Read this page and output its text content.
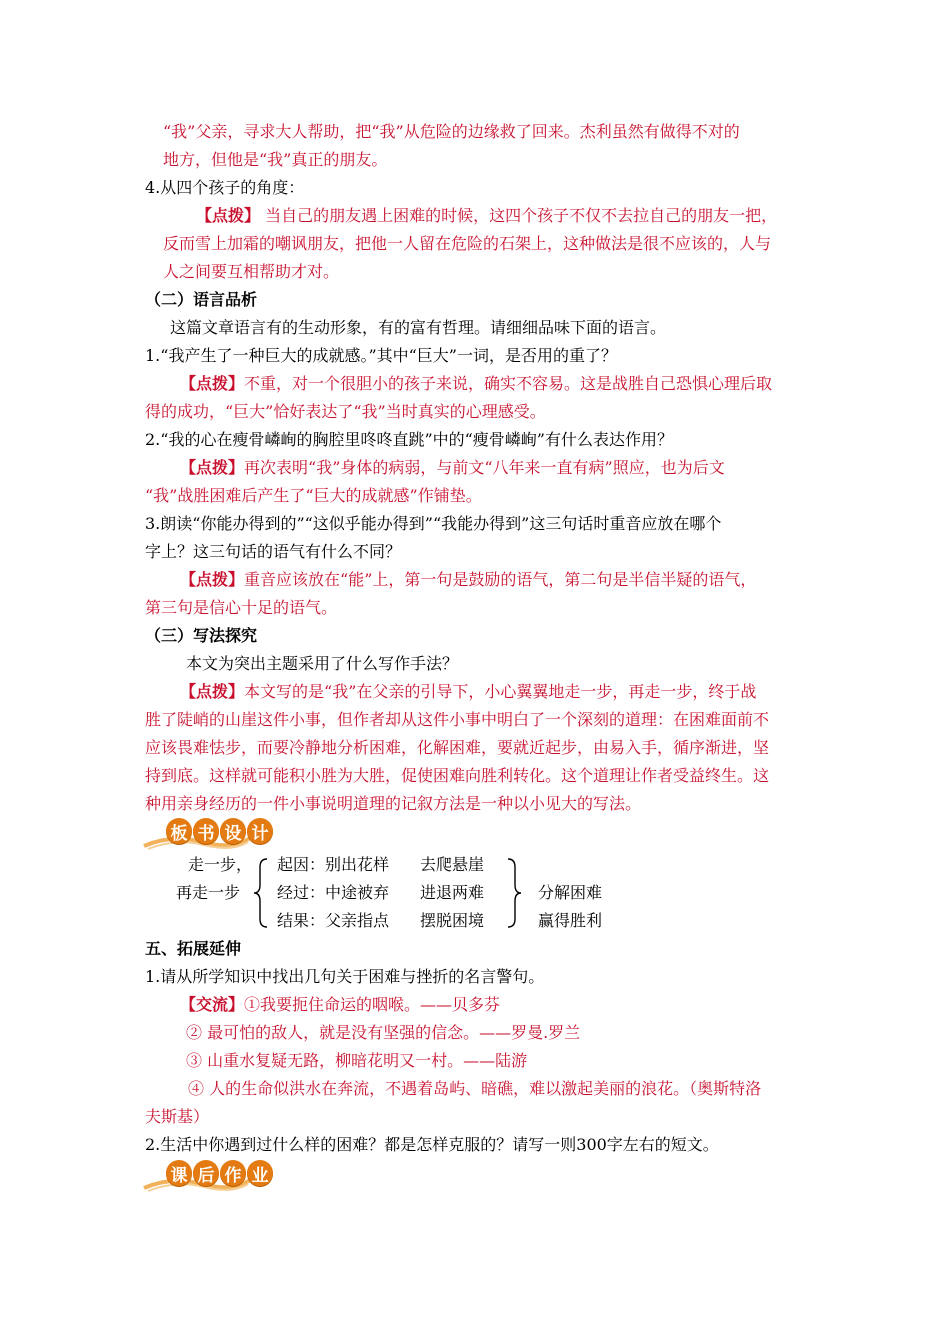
“我”父亲，寻求大人帮助，把“我”从危险的边缘救了回来。杰利虽然有做得不对的
地方，但他是“我”真正的朋友。
4.从四个孩子的角度：
【点拨】 当自己的朋友遇上困难的时候，这四个孩子不仅不去拉自己的朋友一把，
反而雪上加霜的嘲讽朋友，把他一人留在危险的石架上，这种做法是很不应该的，人与
人之间要互相帮助才对。
（二）语言品析
这篇文章语言有的生动形象，有的富有哲理。请细细品味下面的语言。
1.“我产生了一种巨大的成就感。”其中“巨大”一词，是否用的重了？
【点拨】不重，对一个很胆小的孩子来说，确实不容易。这是战胜自己恐惧心理后取
得的成功，“巨大”恰好表达了“我”当时真实的心理感受。
2.“我的心在瘦骨嶙峋的胸腔里咚咚直跳”中的“瘦骨嶙峋”有什么表达作用？
【点拨】再次表明“我”身体的病弱，与前文“八年来一直有病”照应，也为后文
“我”战胜困难后产生了“巨大的成就感”作铺垫。
3.朗读“你能办得到的”“这似乎能办得到”“我能办得到”这三句话时重音应放在哪个
字上？这三句话的语气有什么不同？
【点拨】重音应该放在“能”上，第一句是鼓励的语气，第二句是半信半疑的语气，
第三句是信心十足的语气。
（三）写法探究
本文为突出主题采用了什么写作手法？
【点拨】本文写的是“我”在父亲的引导下，小心翼翼地走一步，再走一步，终于战
胜了陡峭的山崖这件小事，但作者却从这件小事中明白了一个深刻的道理：在困难面前不
应该畏难怯步，而要冷静地分析困难，化解困难，要就近起步，由易入手，循序渐进，坚
持到底。这样就可能积小胜为大胜，促使困难向胜利转化。这个道理让作者受益终生。这
种用亲身经历的一件小事说明道理的记叙方法是一种以小见大的写法。
板 书 设 计
走一步，
再走一步
起因：别出花样 去爬悬崖
经过：中途被弃 进退两难
结果：父亲指点 摆脱困境
分解困难
赢得胜利
五、拓展延伸
1.请从所学知识中找出几句关于困难与挫折的名言警句。
【交流】①我要扼住命运的咽喉。——贝多芬
② 最可怕的敌人，就是没有坚强的信念。——罗曼.罗兰
③ 山重水复疑无路，柳暗花明又一村。——陆游
④ 人的生命似洪水在奔流，不遇着岛屿、暗礁，难以激起美丽的浪花。（奥斯特洛
夫斯基）
2.生活中你遇到过什么样的困难？都是怎样克服的？请写一则300字左右的短文。
课 后 作 业
